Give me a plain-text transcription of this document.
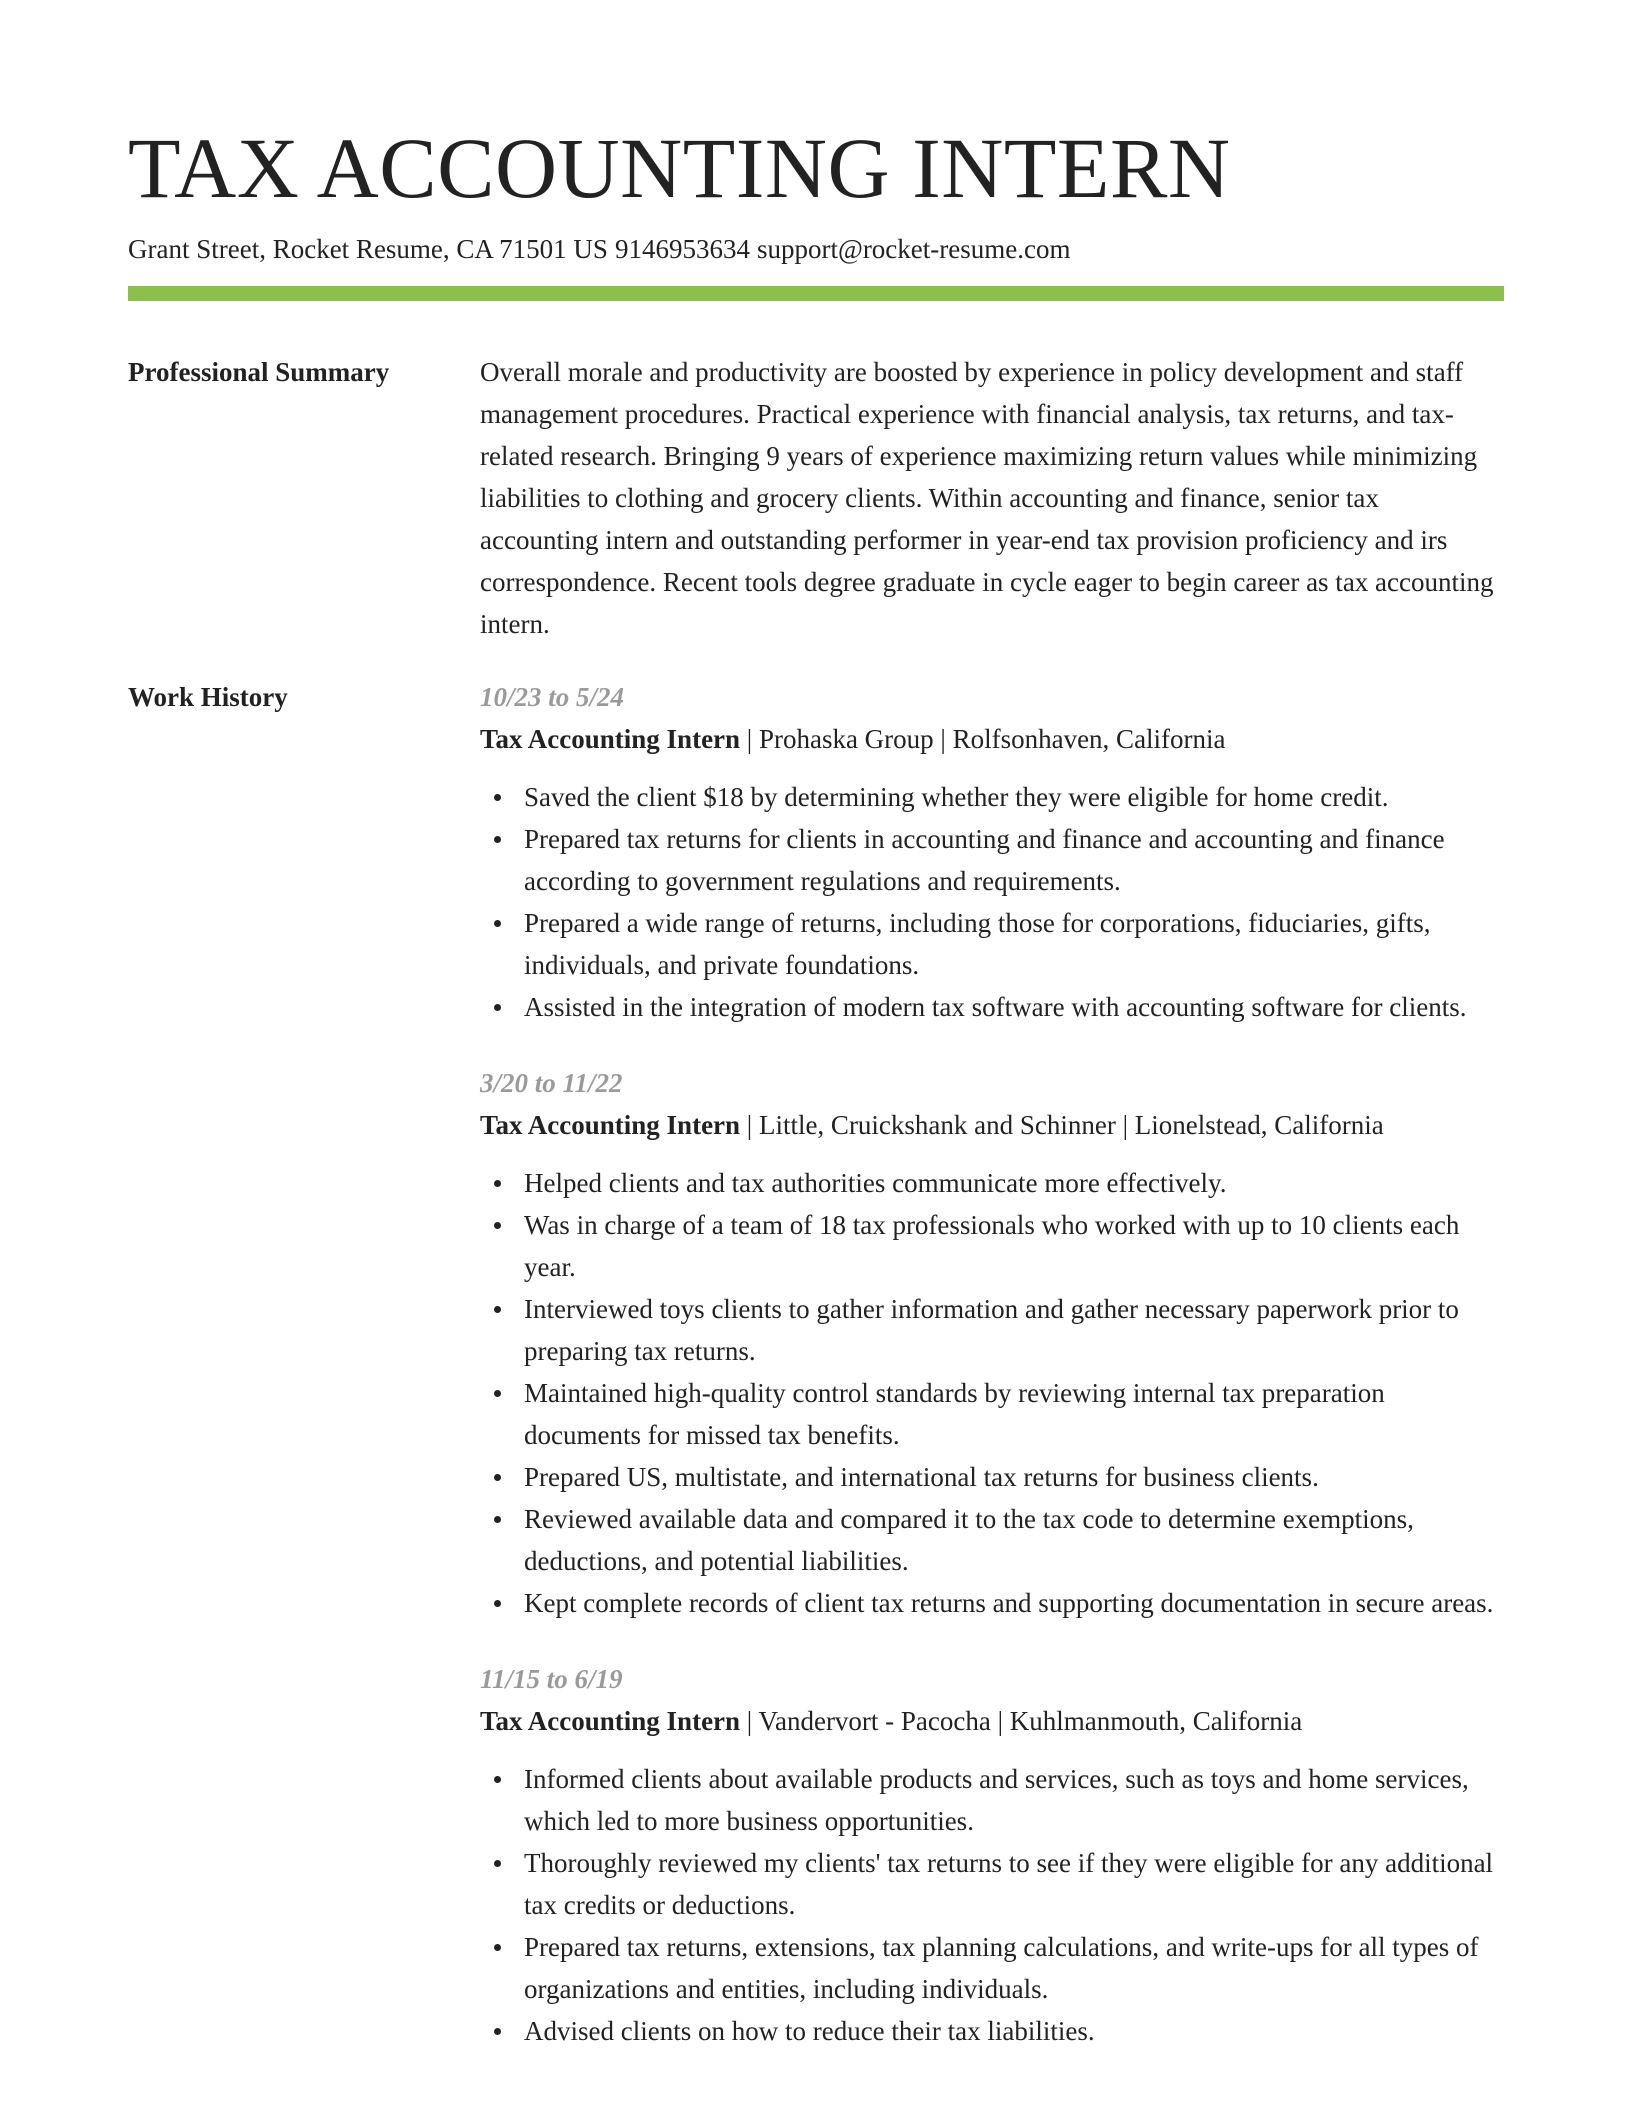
TAX ACCOUNTING INTERN
Grant Street, Rocket Resume, CA 71501 US 9146953634 support@rocket-resume.com
Professional Summary	Overall morale and productivity are boosted by experience in policy development and staff management procedures. Practical experience with financial analysis, tax returns, and tax-related research. Bringing 9 years of experience maximizing return values while minimizing liabilities to clothing and grocery clients. Within accounting and finance, senior tax accounting intern and outstanding performer in year-end tax provision proficiency and irs correspondence. Recent tools degree graduate in cycle eager to begin career as tax accounting intern.

Work History	10/23 to 5/24
Tax Accounting Intern | Prohaska Group | Rolfsonhaven, California
Saved the client $18 by determining whether they were eligible for home credit.
Prepared tax returns for clients in accounting and finance and accounting and finance according to government regulations and requirements.
Prepared a wide range of returns, including those for corporations, fiduciaries, gifts, individuals, and private foundations.
Assisted in the integration of modern tax software with accounting software for clients.
3/20 to 11/22
Tax Accounting Intern | Little, Cruickshank and Schinner | Lionelstead, California
Helped clients and tax authorities communicate more effectively.
Was in charge of a team of 18 tax professionals who worked with up to 10 clients each year.
Interviewed toys clients to gather information and gather necessary paperwork prior to preparing tax returns.
Maintained high-quality control standards by reviewing internal tax preparation documents for missed tax benefits.
Prepared US, multistate, and international tax returns for business clients.
Reviewed available data and compared it to the tax code to determine exemptions, deductions, and potential liabilities.
Kept complete records of client tax returns and supporting documentation in secure areas.
11/15 to 6/19
Tax Accounting Intern | Vandervort - Pacocha | Kuhlmanmouth, California
Informed clients about available products and services, such as toys and home services, which led to more business opportunities.
Thoroughly reviewed my clients' tax returns to see if they were eligible for any additional tax credits or deductions.
Prepared tax returns, extensions, tax planning calculations, and write-ups for all types of organizations and entities, including individuals.
Advised clients on how to reduce their tax liabilities.
